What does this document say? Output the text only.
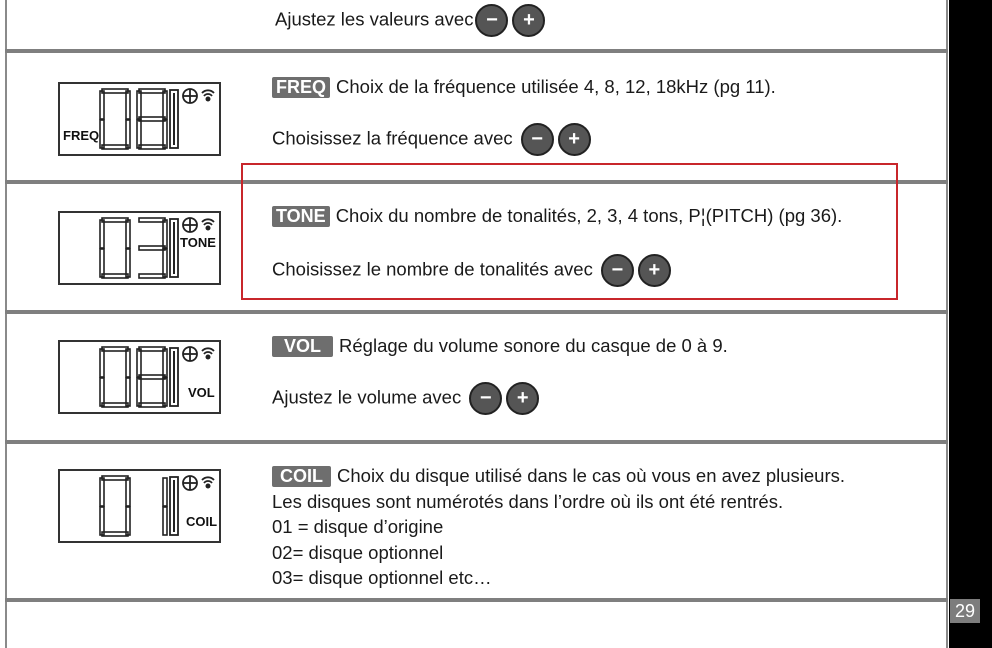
29
Ajustez les valeurs avec − +
FREQ
FREQ Choix de la fréquence utilisée 4, 8, 12, 18kHz (pg 11).
Choisissez la fréquence avec − +
TONE
TONE Choix du nombre de tonalités, 2, 3, 4 tons, P¦(PITCH) (pg 36).
Choisissez le nombre de tonalités avec − +
VOL
VOL Réglage du volume sonore du casque de 0 à 9.
Ajustez le volume avec − +
COIL
COIL Choix du disque utilisé dans le cas où vous en avez plusieurs.
Les disques sont numérotés dans l’ordre où ils ont été rentrés.
01 = disque d’origine
02= disque optionnel
03= disque optionnel etc…
